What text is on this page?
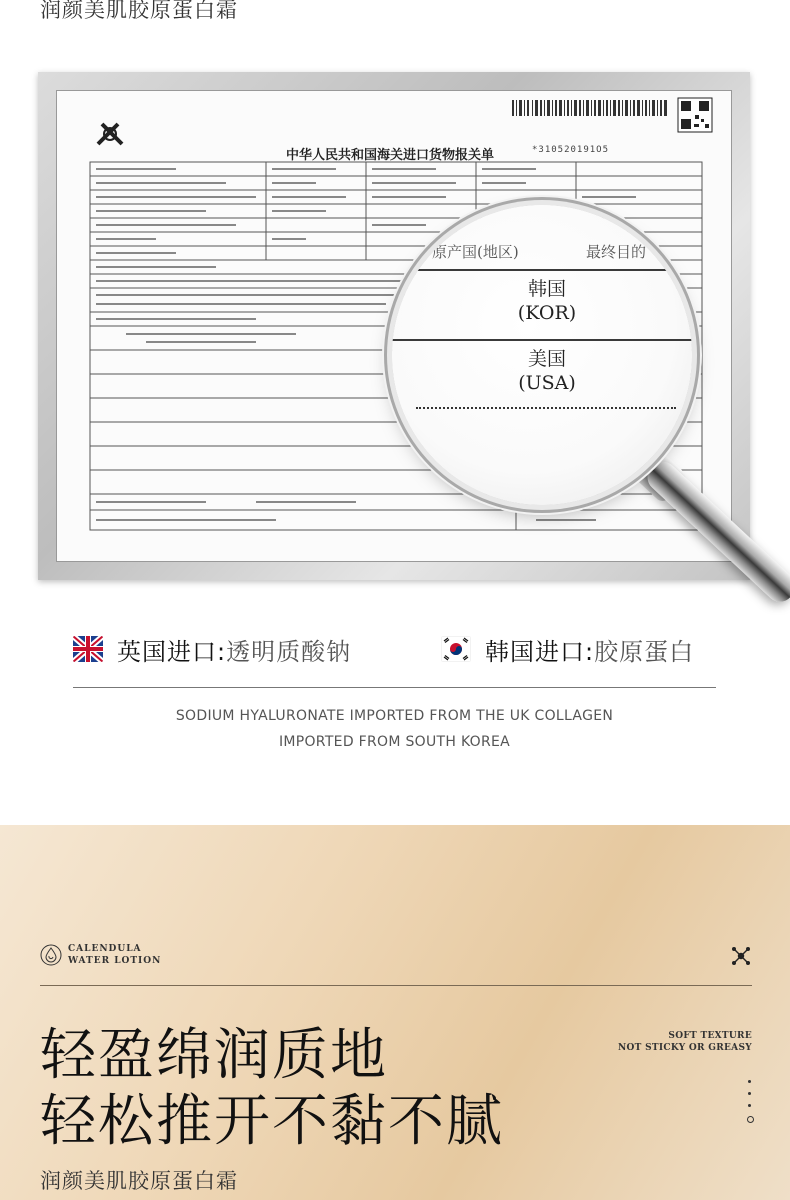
润颜美肌胶原蛋白霜
中华人民共和国海关进口货物报关单	*310520191O5
原产国(地区)	最终目的
韩国
(KOR)
美国
(USA)
英国进口: 透明质酸钠	韩国进口: 胶原蛋白
SODIUM HYALURONATE IMPORTED FROM THE UK COLLAGEN
IMPORTED FROM SOUTH KOREA
CALENDULA
WATER LOTION
轻盈绵润质地
轻松推开不黏不腻
SOFT TEXTURE
NOT STICKY OR GREASY
润颜美肌胶原蛋白霜
